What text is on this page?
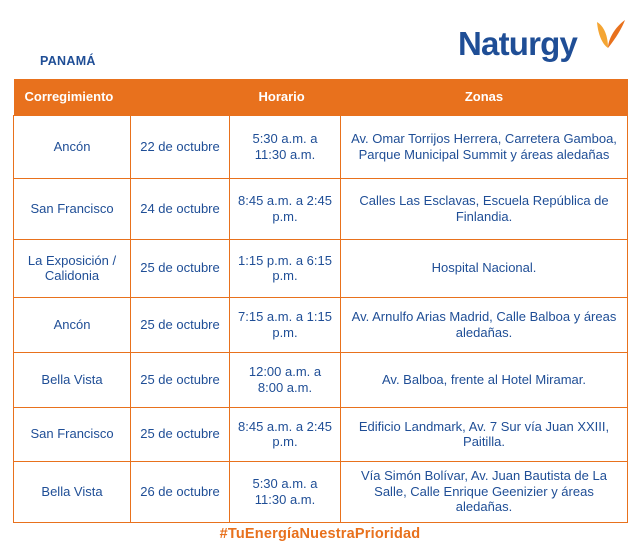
PANAMÁ	Naturgy
Corregimiento		Horario	Zonas
Ancón	22 de octubre	5:30 a.m. a 11:30 a.m.	Av. Omar Torrijos Herrera, Carretera Gamboa, Parque Municipal Summit y áreas aledañas
San Francisco	24 de octubre	8:45 a.m. a 2:45 p.m.	Calles Las Esclavas, Escuela República de Finlandia.
La Exposición / Calidonia	25 de octubre	1:15 p.m. a 6:15 p.m.	Hospital Nacional.
Ancón	25 de octubre	7:15 a.m. a 1:15 p.m.	Av. Arnulfo Arias Madrid, Calle Balboa y áreas aledañas.
Bella Vista	25 de octubre	12:00 a.m. a 8:00 a.m.	Av. Balboa, frente al Hotel Miramar.
San Francisco	25 de octubre	8:45 a.m. a 2:45 p.m.	Edificio Landmark, Av. 7 Sur vía Juan XXIII, Paitilla.
Bella Vista	26 de octubre	5:30 a.m. a 11:30 a.m.	Vía Simón Bolívar, Av. Juan Bautista de La Salle, Calle Enrique Geenizier y áreas aledañas.
#TuEnergíaNuestraPrioridad
